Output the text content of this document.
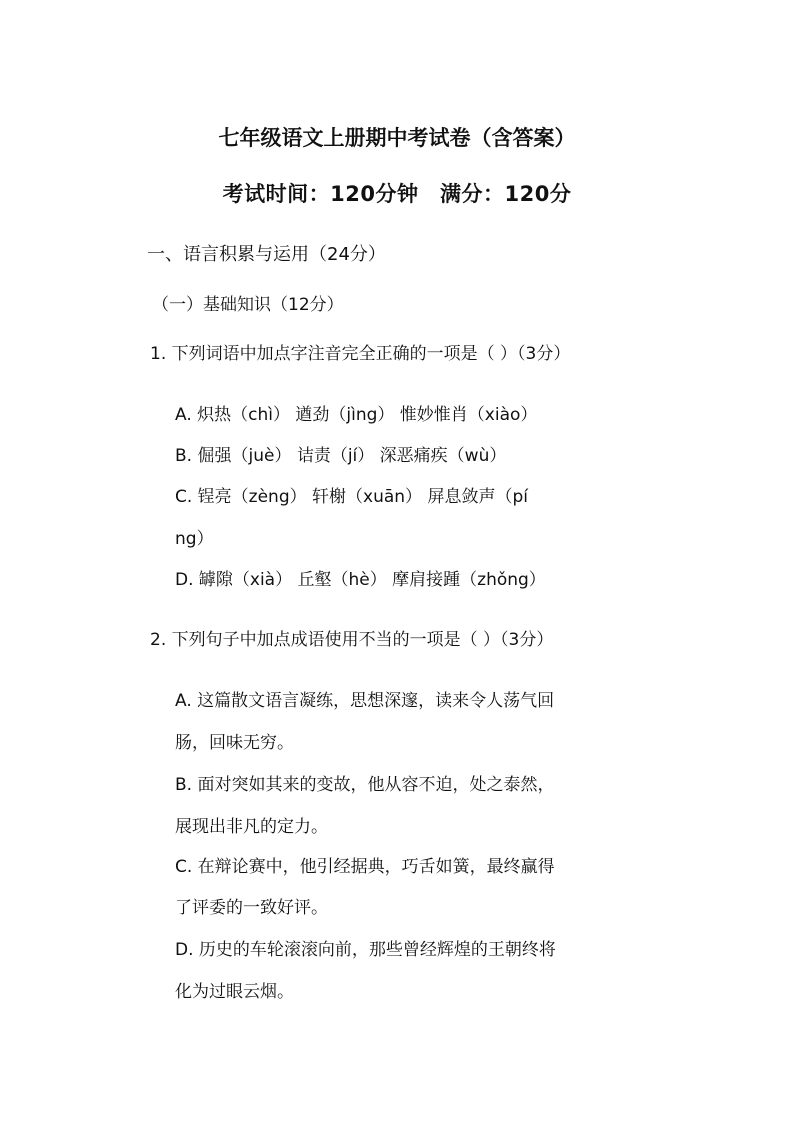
七年级语文上册期中考试卷（含答案）
考试时间：120分钟　满分：120分
一、语言积累与运用（24分）
（一）基础知识（12分）
1. 下列词语中加点字注音完全正确的一项是（ ）（3分）
A. 炽热（chì） 遒劲（jìng） 惟妙惟肖（xiào）
B. 倔强（juè） 诘责（jí） 深恶痛疾（wù）
C. 锃亮（zèng） 轩榭（xuān） 屏息敛声（pí
ng）
D. 罅隙（xià） 丘壑（hè） 摩肩接踵（zhǒng）
2. 下列句子中加点成语使用不当的一项是（ ）（3分）
A. 这篇散文语言凝练，思想深邃，读来令人荡气回
肠，回味无穷。
B. 面对突如其来的变故，他从容不迫，处之泰然，
展现出非凡的定力。
C. 在辩论赛中，他引经据典，巧舌如簧，最终赢得
了评委的一致好评。
D. 历史的车轮滚滚向前，那些曾经辉煌的王朝终将
化为过眼云烟。
